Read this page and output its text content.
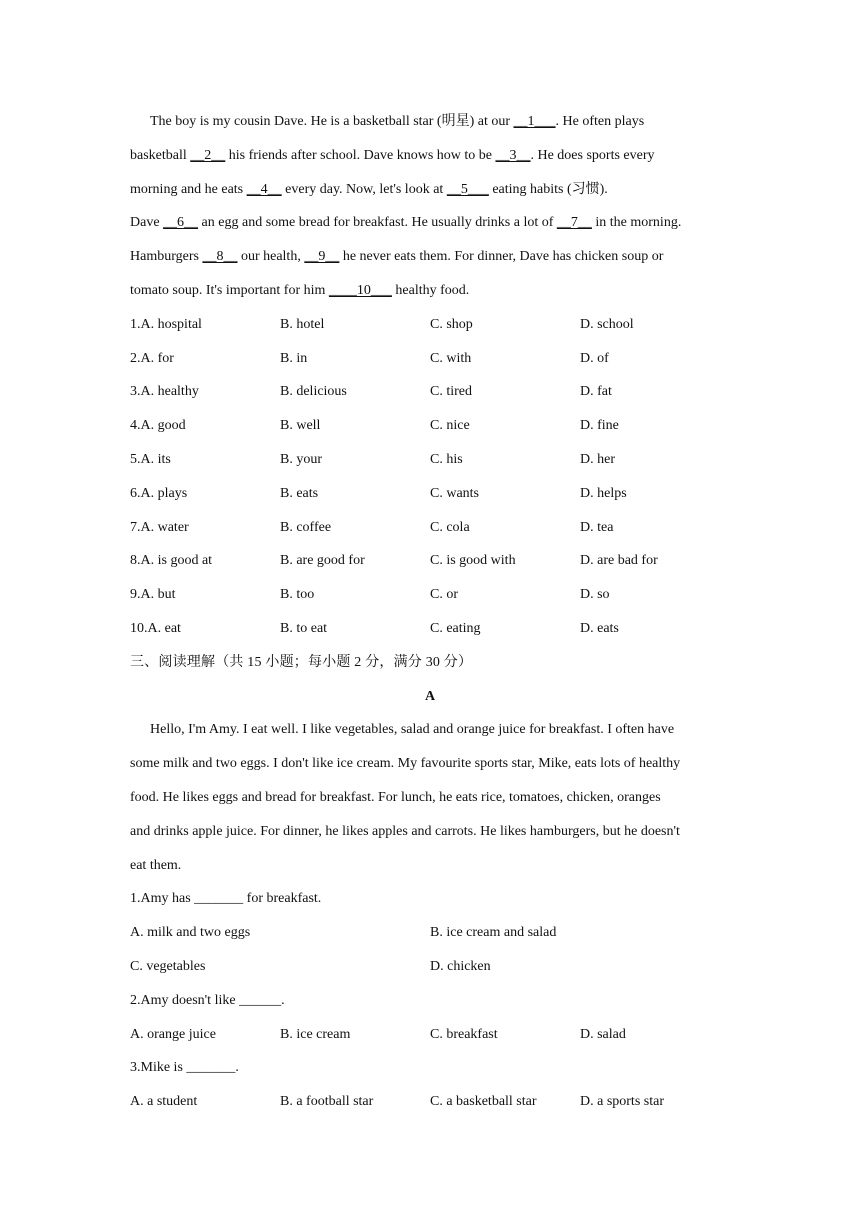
The boy is my cousin Dave. He is a basketball star (明星) at our __1___. He often plays
basketball __2__ his friends after school. Dave knows how to be __3__. He does sports every
morning and he eats __4__ every day. Now, let's look at __5___ eating habits (习惯).
Dave __6__ an egg and some bread for breakfast. He usually drinks a lot of __7__ in the morning.
Hamburgers __8__ our health, __9__ he never eats them. For dinner, Dave has chicken soup or
tomato soup. It's important for him ____10___ healthy food.
1.A. hospital	B. hotel	C. shop	D. school
2.A. for	B. in	C. with	D. of
3.A. healthy	B. delicious	C. tired	D. fat
4.A. good	B. well	C. nice	D. fine
5.A. its	B. your	C. his	D. her
6.A. plays	B. eats	C. wants	D. helps
7.A. water	B. coffee	C. cola	D. tea
8.A. is good at	B. are good for	C. is good with	D. are bad for
9.A. but	B. too	C. or	D. so
10.A. eat	B. to eat	C. eating	D. eats
三、阅读理解（共 15 小题；每小题 2 分，满分 30 分）
A
Hello, I'm Amy. I eat well. I like vegetables, salad and orange juice for breakfast. I often have
some milk and two eggs. I don't like ice cream. My favourite sports star, Mike, eats lots of healthy
food. He likes eggs and bread for breakfast. For lunch, he eats rice, tomatoes, chicken, oranges
and drinks apple juice. For dinner, he likes apples and carrots. He likes hamburgers, but he doesn't
eat them.
1.Amy has _______ for breakfast.
A. milk and two eggs	B. ice cream and salad
C. vegetables	D. chicken
2.Amy doesn't like ______.
A. orange juice	B. ice cream	C. breakfast	D. salad
3.Mike is _______.
A. a student	B. a football star	C. a basketball star	D. a sports star
